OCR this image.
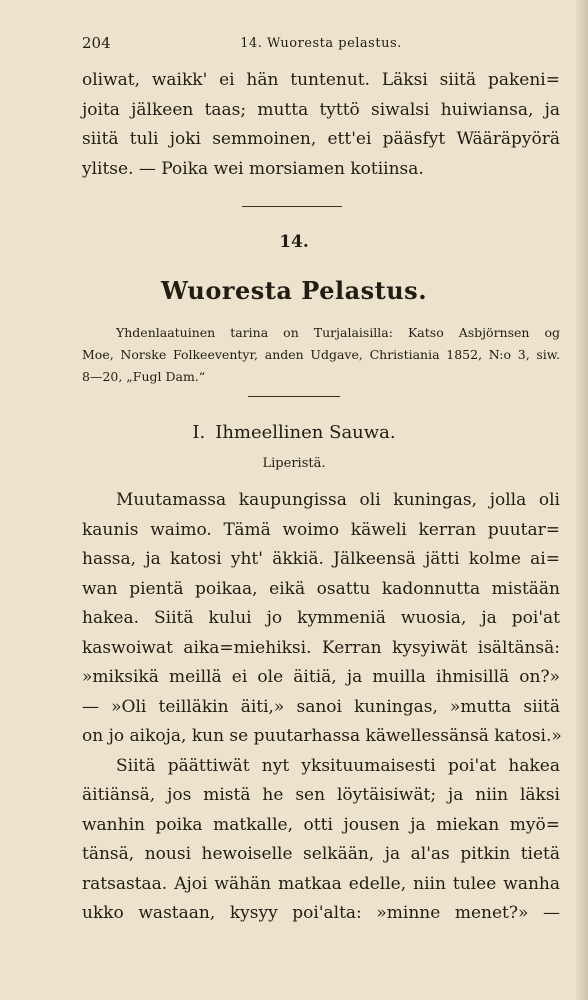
204	14. Wuoresta pelastus.
oliwat, waikk' ei hän tuntenut. Läksi siitä pakeni=
joita jälkeen taas; mutta tyttö siwalsi huiwiansa, ja
siitä tuli joki semmoinen, ett'ei pääsfyt Wääräpyörä
ylitse. — Poika wei morsiamen kotiinsa.
14.
Wuoresta Pelastus.
Yhdenlaatuinen tarina on Turjalaisilla: Katso Asbjörnsen og
Moe, Norske Folkeeventyr, anden Udgave, Christiania 1852, N:o 3, siw.
8—20, „Fugl Dam.“
I. Ihmeellinen Sauwa.
Liperistä.
Muutamassa kaupungissa oli kuningas, jolla oli
kaunis waimo. Tämä woimo käweli kerran puutar=
hassa, ja katosi yht' äkkiä. Jälkeensä jätti kolme ai=
wan pientä poikaa, eikä osattu kadonnutta mistään
hakea. Siitä kului jo kymmeniä wuosia, ja poi'at
kaswoiwat aika=miehiksi. Kerran kysyiwät isältänsä:
»miksikä meillä ei ole äitiä, ja muilla ihmisillä on?»
— »Oli teilläkin äiti,» sanoi kuningas, »mutta siitä
on jo aikoja, kun se puutarhassa käwellessänsä katosi.»
Siitä päättiwät nyt yksituumaisesti poi'at hakea
äitiänsä, jos mistä he sen löytäisiwät; ja niin läksi
wanhin poika matkalle, otti jousen ja miekan myö=
tänsä, nousi hewoiselle selkään, ja al'as pitkin tietä
ratsastaa. Ajoi wähän matkaa edelle, niin tulee wanha
ukko wastaan, kysyy poi'alta: »minne menet?» —
